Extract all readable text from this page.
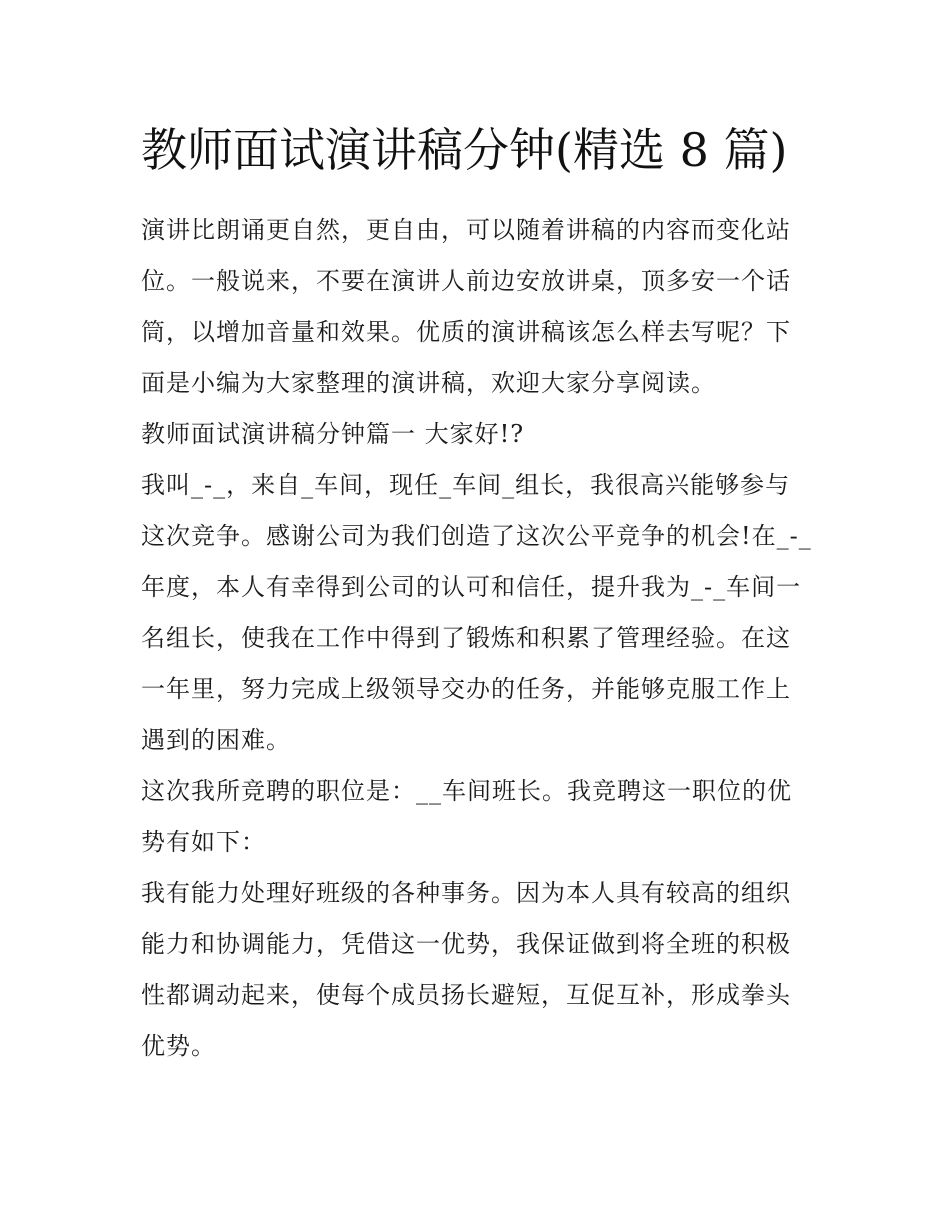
教师面试演讲稿分钟(精选 8 篇)

演讲比朗诵更自然，更自由，可以随着讲稿的内容而变化站位。一般说来，不要在演讲人前边安放讲桌，顶多安一个话筒，以增加音量和效果。优质的演讲稿该怎么样去写呢？下面是小编为大家整理的演讲稿，欢迎大家分享阅读。

教师面试演讲稿分钟篇一 大家好!?

我叫_-_，来自_车间，现任_车间_组长，我很高兴能够参与这次竞争。感谢公司为我们创造了这次公平竞争的机会!在_-_年度，本人有幸得到公司的认可和信任，提升我为_-_车间一名组长，使我在工作中得到了锻炼和积累了管理经验。在这一年里，努力完成上级领导交办的任务，并能够克服工作上遇到的困难。

这次我所竞聘的职位是：__车间班长。我竞聘这一职位的优势有如下：

我有能力处理好班级的各种事务。因为本人具有较高的组织能力和协调能力，凭借这一优势，我保证做到将全班的积极性都调动起来，使每个成员扬长避短，互促互补，形成拳头优势。
